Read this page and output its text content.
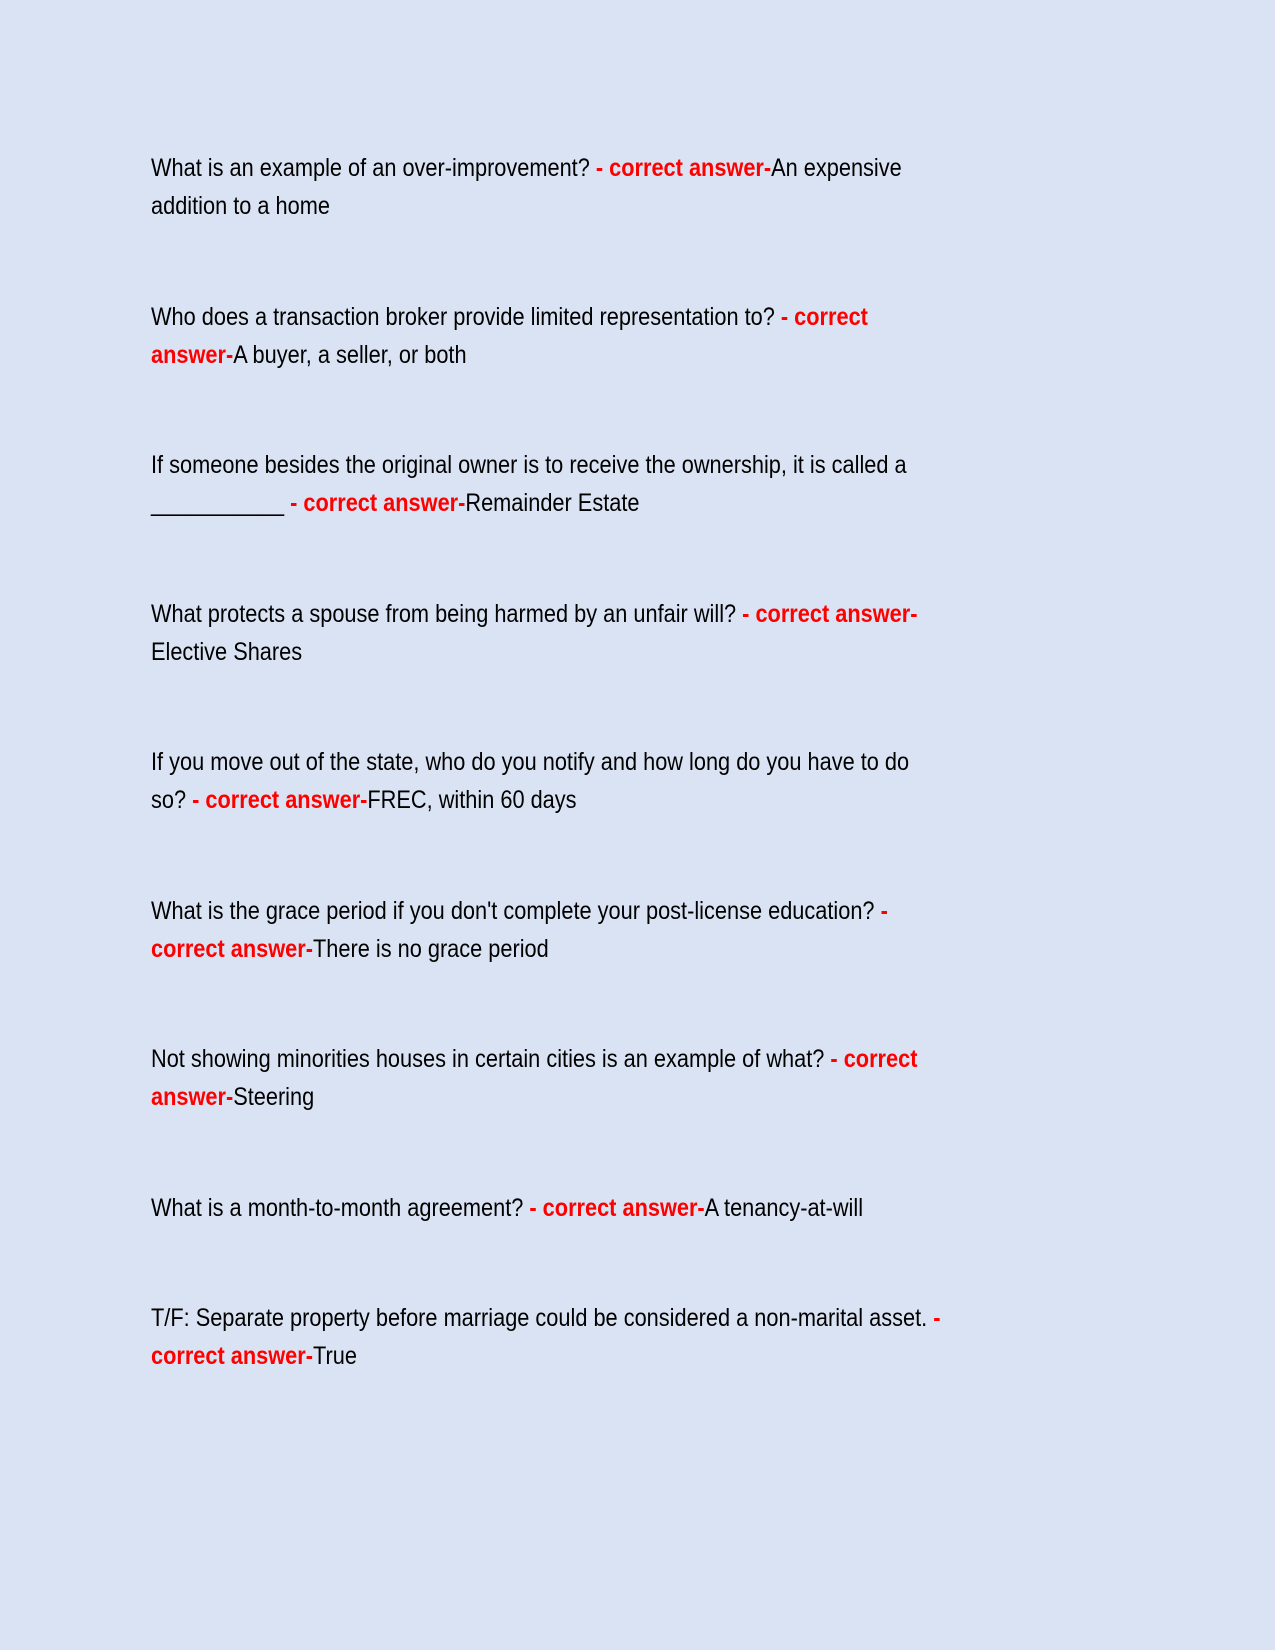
What is an example of an over-improvement? - correct answer-An expensive
addition to a home
Who does a transaction broker provide limited representation to? - correct
answer-A buyer, a seller, or both
If someone besides the original owner is to receive the ownership, it is called a
___________ - correct answer-Remainder Estate
What protects a spouse from being harmed by an unfair will? - correct answer-
Elective Shares
If you move out of the state, who do you notify and how long do you have to do
so? - correct answer-FREC, within 60 days
What is the grace period if you don't complete your post-license education? -
correct answer-There is no grace period
Not showing minorities houses in certain cities is an example of what? - correct
answer-Steering
What is a month-to-month agreement? - correct answer-A tenancy-at-will
T/F: Separate property before marriage could be considered a non-marital asset. -
correct answer-True
